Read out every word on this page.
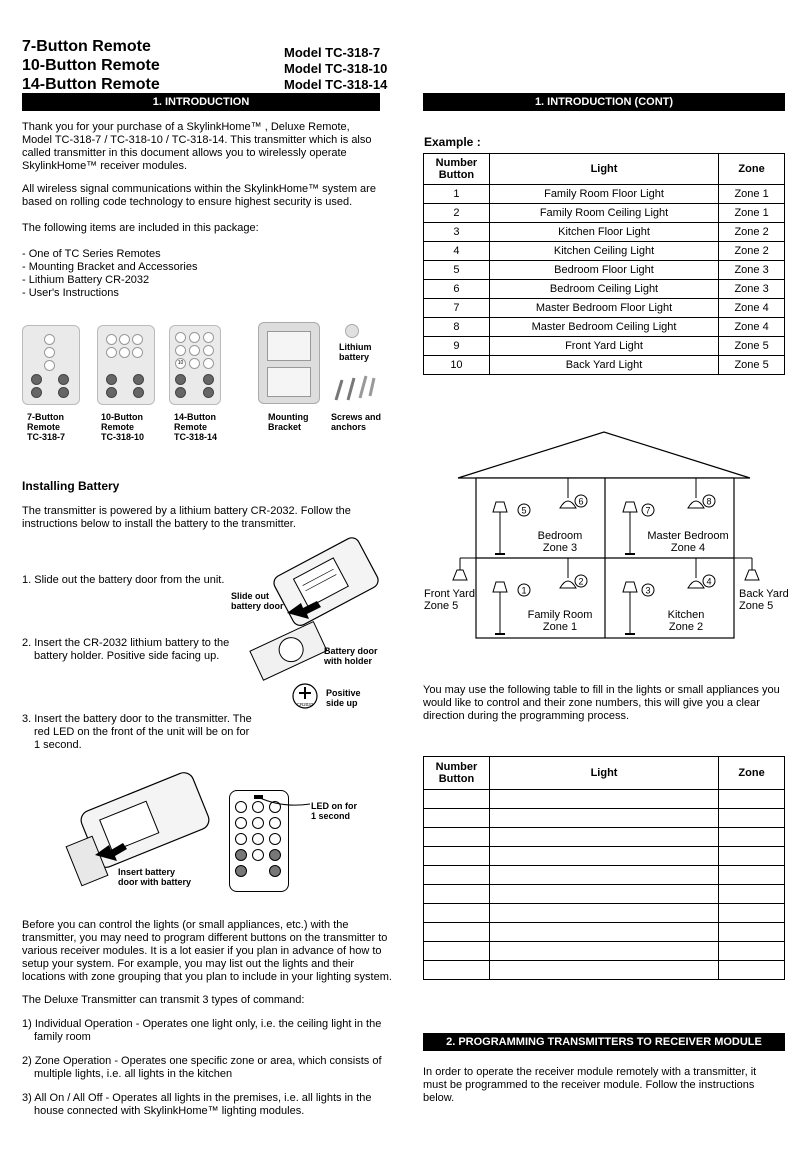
7-Button Remote
10-Button Remote
14-Button Remote
Model TC-318-7
Model TC-318-10
Model TC-318-14
1. INTRODUCTION
Thank you for your purchase of a SkylinkHome™ , Deluxe Remote, Model TC-318-7 / TC-318-10 / TC-318-14. This transmitter which is also called transmitter in this document allows you to wirelessly operate SkylinkHome™ receiver modules.
All wireless signal communications within the SkylinkHome™ system are based on rolling code technology to ensure highest security is used.
The following items are included in this package:
- One of TC Series Remotes
- Mounting Bracket and Accessories
- Lithium Battery CR-2032
- User's Instructions
10
Lithium
battery
7-Button
Remote
TC-318-7
10-Button
Remote
TC-318-10
14-Button
Remote
TC-318-14
Mounting
Bracket
Screws and
anchors
Installing Battery
The transmitter is powered by a lithium battery CR-2032. Follow the instructions below to install the battery to the transmitter.
1. Slide out the battery door from the unit.
2. Insert the CR-2032 lithium battery to the battery holder. Positive side facing up.
3. Insert the battery door to the transmitter. The red LED on the front of the unit will be on for 1 second.
Slide out
battery door
CR2032
Battery door
with holder
Positive
side up
Insert battery
door with battery
LED on for
1 second
Before you can control the lights (or small appliances, etc.) with the transmitter, you may need to program different buttons on the transmitter to various receiver modules. It is a lot easier if you plan in advance of how to setup your system. For example, you may list out the lights and their locations with zone grouping that you plan to include in your lighting system.
The Deluxe Transmitter can transmit 3 types of command:
1) Individual Operation - Operates one light only, i.e. the ceiling light in the family room
2) Zone Operation - Operates one specific zone or area, which consists of multiple lights, i.e. all lights in the kitchen
3) All On / All Off - Operates all lights in the premises, i.e. all lights in the house connected with SkylinkHome™ lighting modules.
1. INTRODUCTION (CONT)
Example :
Number
Button	Light	Zone
1	Family Room Floor Light	Zone 1
2	Family Room Ceiling Light	Zone 1
3	Kitchen Floor Light	Zone 2
4	Kitchen Ceiling Light	Zone 2
5	Bedroom Floor Light	Zone 3
6	Bedroom Ceiling Light	Zone 3
7	Master Bedroom Floor Light	Zone 4
8	Master Bedroom Ceiling Light	Zone 4
9	Front Yard Light	Zone 5
10	Back Yard Light	Zone 5
5
6
7
8
1
2
3
4
Bedroom
Zone 3
Master Bedroom
Zone 4
Family Room
Zone 1
Kitchen
Zone 2
Front Yard
Zone 5
Back Yard
Zone 5
You may use the following table to fill in the lights or small appliances you would like to control and their zone numbers, this will give you a clear direction during the programming process.
Number
Button	Light	Zone

2. PROGRAMMING TRANSMITTERS TO RECEIVER MODULE
In order to operate the receiver module remotely with a transmitter, it must be programmed to the receiver module. Follow the instructions below.
